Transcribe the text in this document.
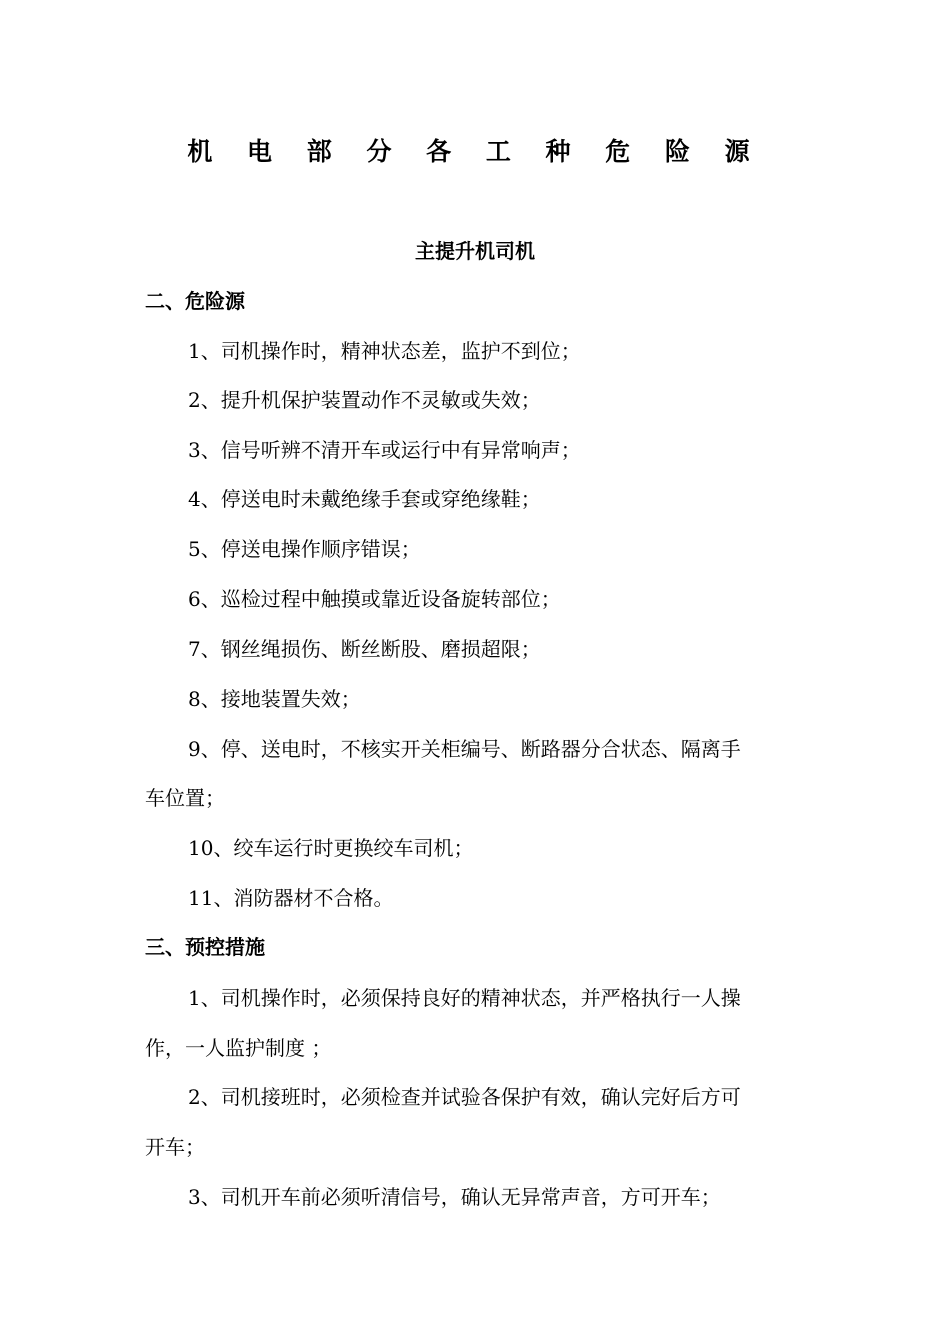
机 电 部 分 各 工 种 危 险 源
主提升机司机
二、危险源
1、司机操作时，精神状态差，监护不到位；
2、提升机保护装置动作不灵敏或失效；
3、信号听辨不清开车或运行中有异常响声；
4、停送电时未戴绝缘手套或穿绝缘鞋；
5、停送电操作顺序错误；
6、巡检过程中触摸或靠近设备旋转部位；
7、钢丝绳损伤、断丝断股、磨损超限；
8、接地装置失效；
9、停、送电时，不核实开关柜编号、断路器分合状态、隔离手
车位置；
10、绞车运行时更换绞车司机；
11、消防器材不合格。
三、预控措施
1、司机操作时，必须保持良好的精神状态，并严格执行一人操
作，一人监护制度 ；
2、司机接班时，必须检查并试验各保护有效，确认完好后方可
开车；
3、司机开车前必须听清信号，确认无异常声音，方可开车；
